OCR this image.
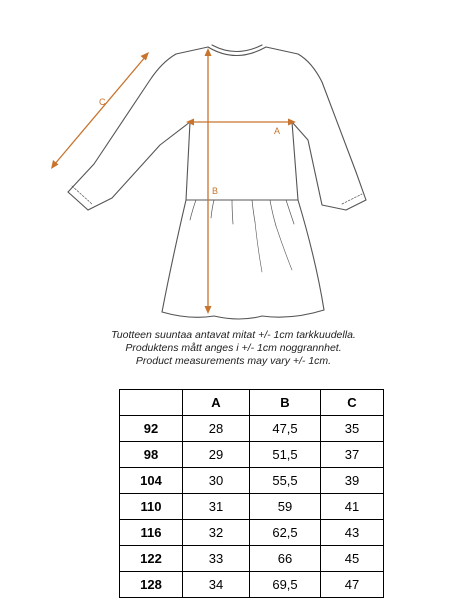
A
B
C
Tuotteen suuntaa antavat mitat +/- 1cm tarkkuudella.
Produktens mått anges i +/- 1cm noggrannhet.
Product measurements may vary +/- 1cm.
	A	B	C
92	28	47,5	35
98	29	51,5	37
104	30	55,5	39
110	31	59	41
116	32	62,5	43
122	33	66	45
128	34	69,5	47
